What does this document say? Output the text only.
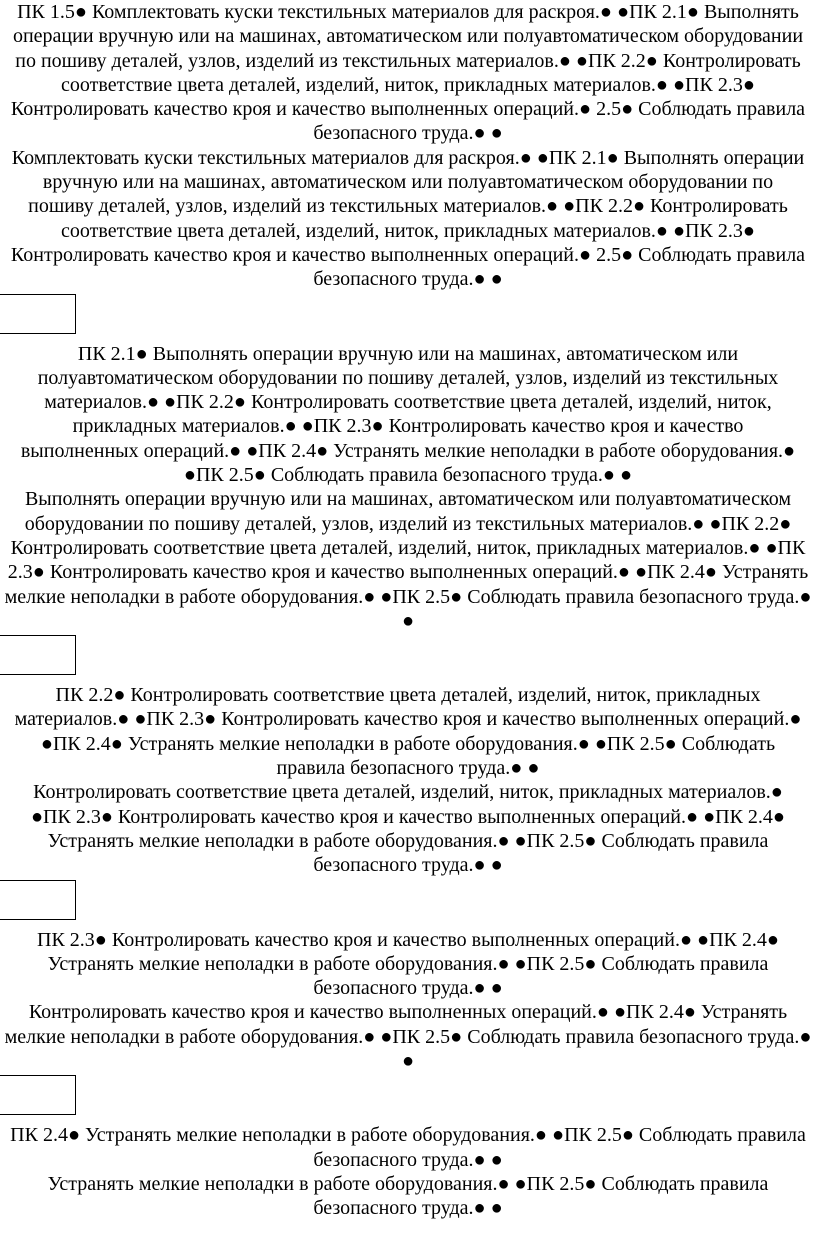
ПК 1.5● Комплектовать куски текстильных материалов для раскроя.● ●ПК 2.1● Выполнять операции вручную или на машинах, автоматическом или полуавтоматическом оборудовании по пошиву деталей, узлов, изделий из текстильных материалов.● ●ПК 2.2● Контролировать соответствие цвета деталей, изделий, ниток, прикладных материалов.● ●ПК 2.3● Контролировать качество кроя и качество выполненных операций.● 2.5● Соблюдать правила безопасного труда.● ●

Комплектовать куски текстильных материалов для раскроя.● ●ПК 2.1● Выполнять операции вручную или на машинах, автоматическом или полуавтоматическом оборудовании по пошиву деталей, узлов, изделий из текстильных материалов.● ●ПК 2.2● Контролировать соответствие цвета деталей, изделий, ниток, прикладных материалов.● ●ПК 2.3● Контролировать качество кроя и качество выполненных операций.● 2.5● Соблюдать правила безопасного труда.● ●

ПК 2.1● Выполнять операции вручную или на машинах, автоматическом или полуавтоматическом оборудовании по пошиву деталей, узлов, изделий из текстильных материалов.● ●ПК 2.2● Контролировать соответствие цвета деталей, изделий, ниток, прикладных материалов.● ●ПК 2.3● Контролировать качество кроя и качество выполненных операций.● ●ПК 2.4● Устранять мелкие неполадки в работе оборудования.● ●ПК 2.5● Соблюдать правила безопасного труда.● ●

Выполнять операции вручную или на машинах, автоматическом или полуавтоматическом оборудовании по пошиву деталей, узлов, изделий из текстильных материалов.● ●ПК 2.2● Контролировать соответствие цвета деталей, изделий, ниток, прикладных материалов.● ●ПК 2.3● Контролировать качество кроя и качество выполненных операций.● ●ПК 2.4● Устранять мелкие неполадки в работе оборудования.● ●ПК 2.5● Соблюдать правила безопасного труда.● ●

ПК 2.2● Контролировать соответствие цвета деталей, изделий, ниток, прикладных материалов.● ●ПК 2.3● Контролировать качество кроя и качество выполненных операций.● ●ПК 2.4● Устранять мелкие неполадки в работе оборудования.● ●ПК 2.5● Соблюдать правила безопасного труда.● ●

Контролировать соответствие цвета деталей, изделий, ниток, прикладных материалов.● ●ПК 2.3● Контролировать качество кроя и качество выполненных операций.● ●ПК 2.4● Устранять мелкие неполадки в работе оборудования.● ●ПК 2.5● Соблюдать правила безопасного труда.● ●

ПК 2.3● Контролировать качество кроя и качество выполненных операций.● ●ПК 2.4● Устранять мелкие неполадки в работе оборудования.● ●ПК 2.5● Соблюдать правила безопасного труда.● ●

Контролировать качество кроя и качество выполненных операций.● ●ПК 2.4● Устранять мелкие неполадки в работе оборудования.● ●ПК 2.5● Соблюдать правила безопасного труда.● ●

ПК 2.4● Устранять мелкие неполадки в работе оборудования.● ●ПК 2.5● Соблюдать правила безопасного труда.● ●

Устранять мелкие неполадки в работе оборудования.● ●ПК 2.5● Соблюдать правила безопасного труда.● ●
